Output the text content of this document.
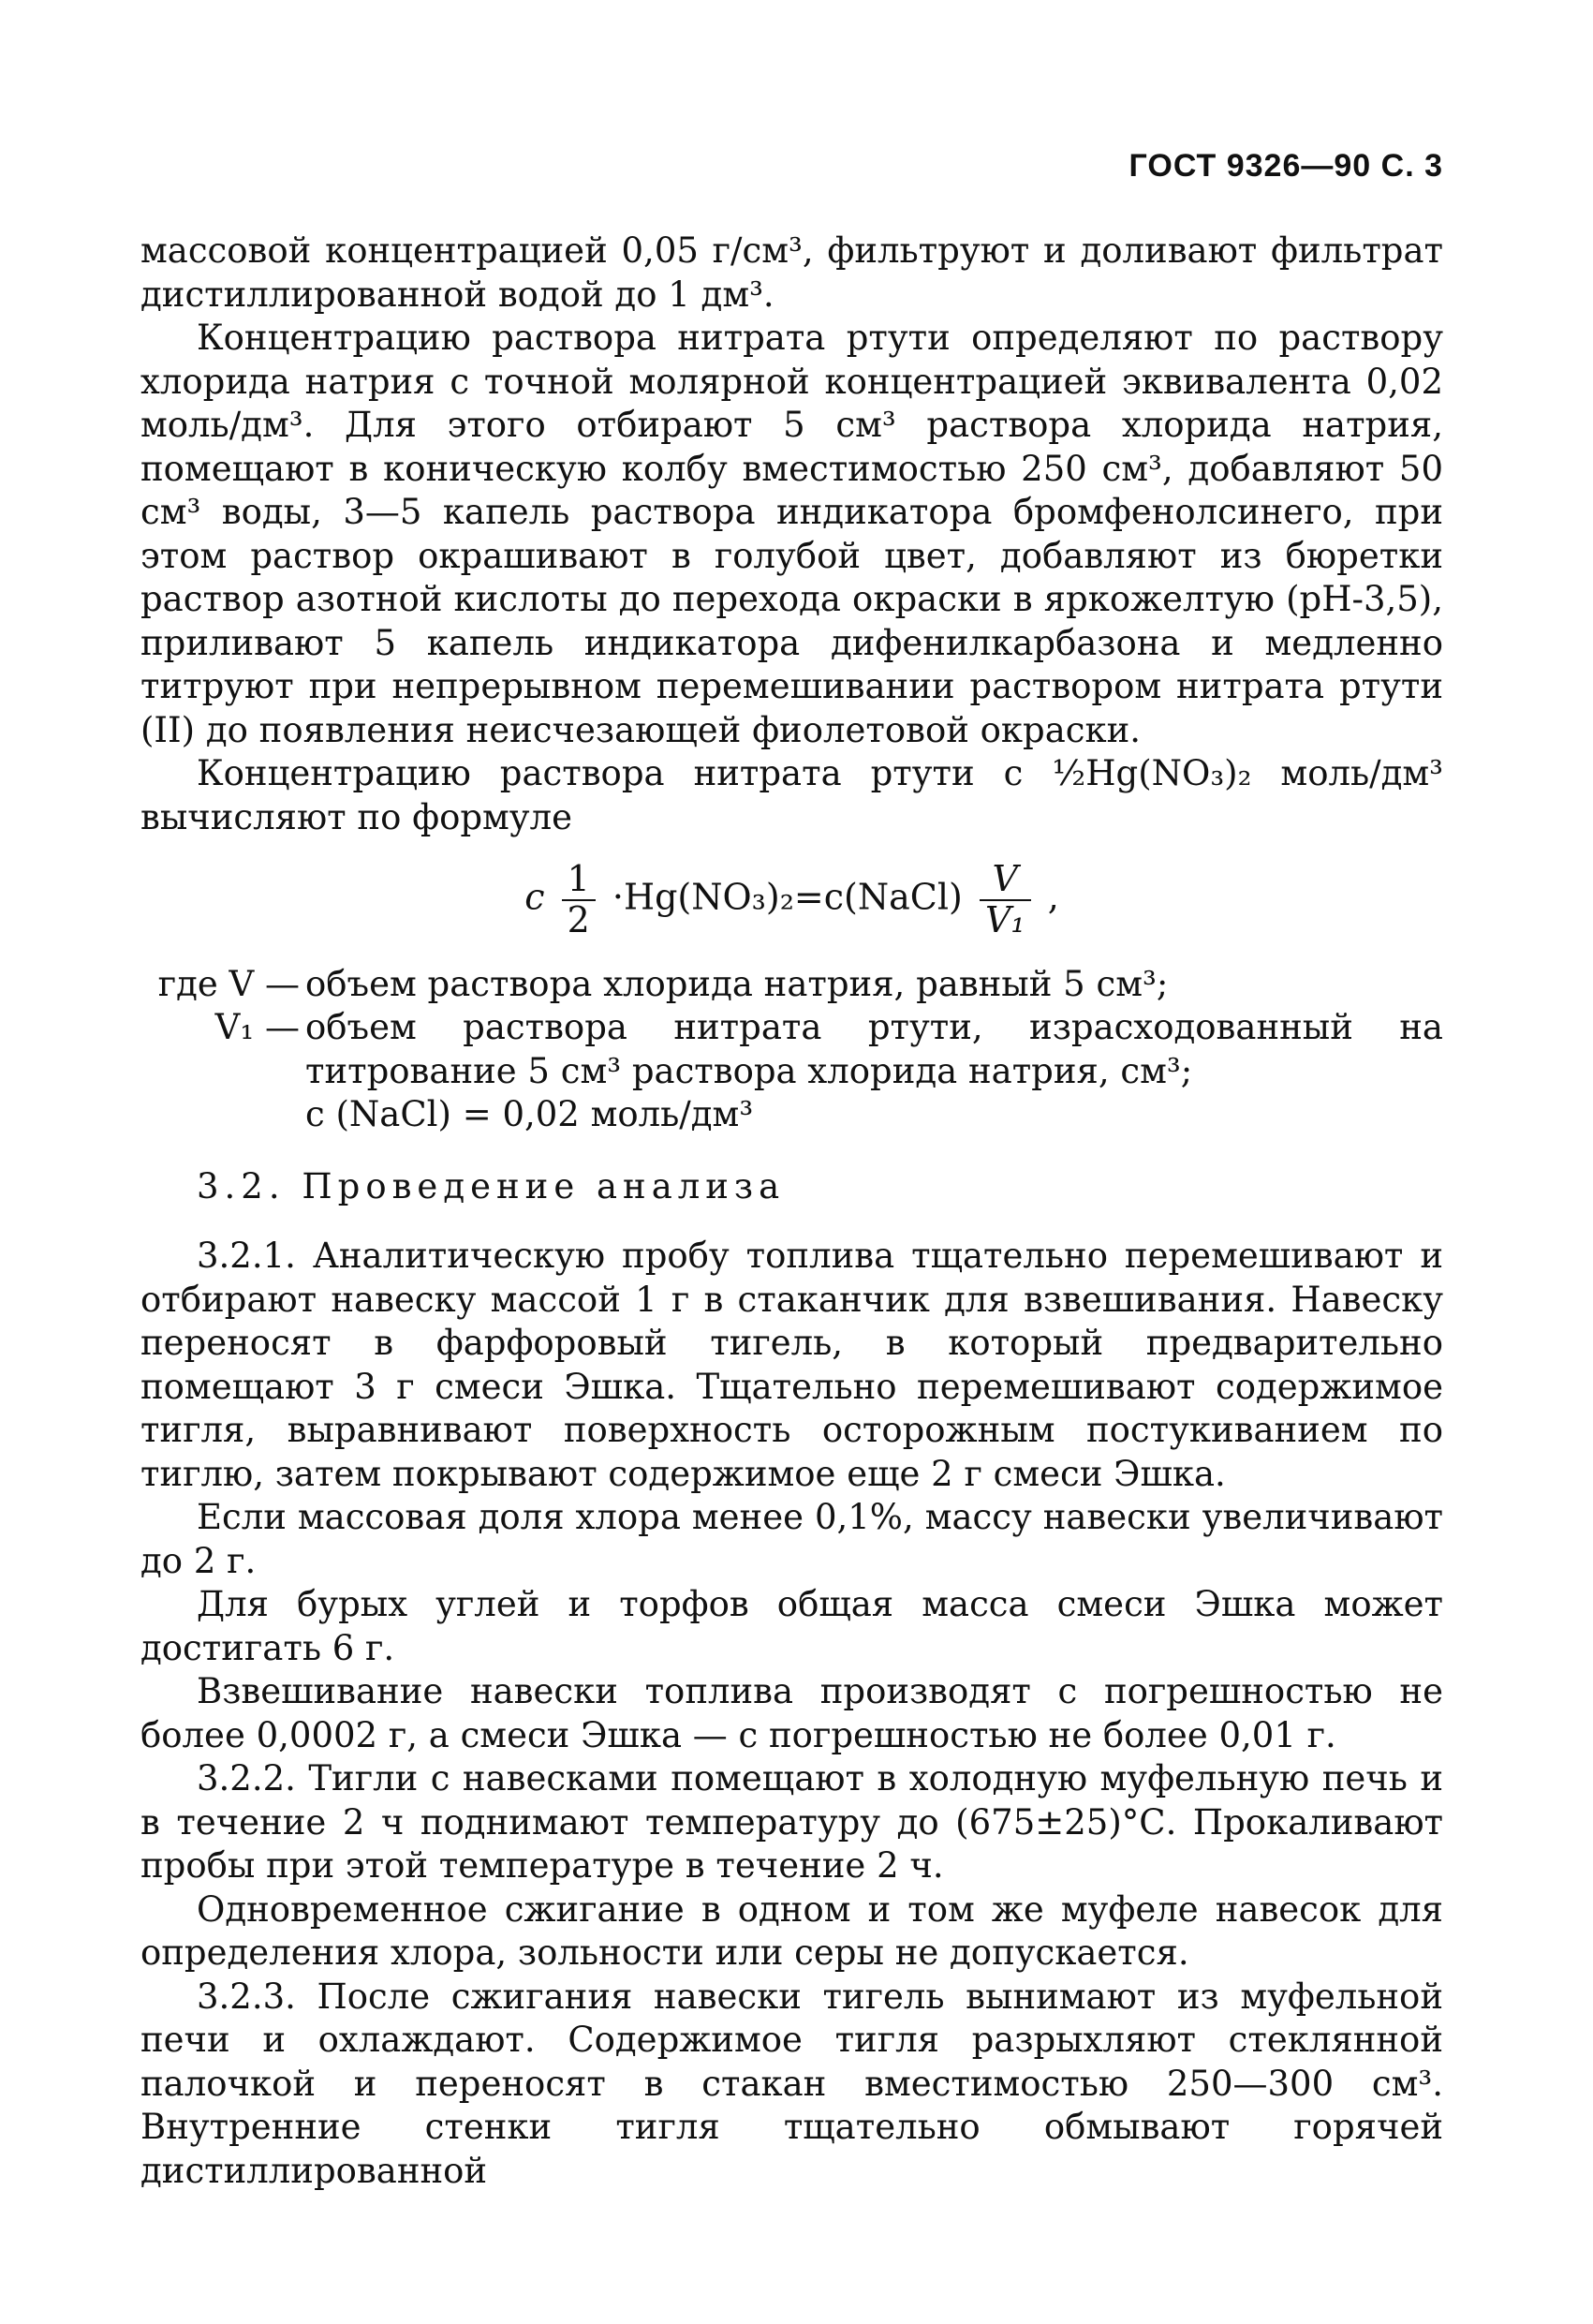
ГОСТ 9326—90 С. 3

массовой концентрацией 0,05 г/см³, фильтруют и доливают фильтрат дистиллированной водой до 1 дм³.

Концентрацию раствора нитрата ртути определяют по раствору хлорида натрия с точной молярной концентрацией эквивалента 0,02 моль/дм³. Для этого отбирают 5 см³ раствора хлорида натрия, помещают в коническую колбу вместимостью 250 см³, добавляют 50 см³ воды, 3—5 капель раствора индикатора бромфенолсинего, при этом раствор окрашивают в голубой цвет, добавляют из бюретки раствор азотной кислоты до перехода окраски в яркожелтую (рН-3,5), приливают 5 капель индикатора дифенилкарбазона и медленно титруют при непрерывном перемешивании раствором нитрата ртути (II) до появления неисчезающей фиолетовой окраски.

Концентрацию раствора нитрата ртути c ½Hg(NO₃)₂ моль/дм³ вычисляют по формуле

c $\frac{1}{2}$ ·Hg(NO₃)₂=c(NaCl) $\frac{V}{\text{V₁}}$ ,
где V — объем раствора хлорида натрия, равный 5 см³;
V₁ — объем раствора нитрата ртути, израсходованный на титрование 5 см³ раствора хлорида натрия, см³;
c (NaCl) = 0,02 моль/дм³
3.2. Проведение анализа

3.2.1. Аналитическую пробу топлива тщательно перемешивают и отбирают навеску массой 1 г в стаканчик для взвешивания. Навеску переносят в фарфоровый тигель, в который предварительно помещают 3 г смеси Эшка. Тщательно перемешивают содержимое тигля, выравнивают поверхность осторожным постукиванием по тиглю, затем покрывают содержимое еще 2 г смеси Эшка.

Если массовая доля хлора менее 0,1%, массу навески увеличивают до 2 г.

Для бурых углей и торфов общая масса смеси Эшка может достигать 6 г.

Взвешивание навески топлива производят с погрешностью не более 0,0002 г, а смеси Эшка — с погрешностью не более 0,01 г.

3.2.2. Тигли с навесками помещают в холодную муфельную печь и в течение 2 ч поднимают температуру до (675±25)°С. Прокаливают пробы при этой температуре в течение 2 ч.

Одновременное сжигание в одном и том же муфеле навесок для определения хлора, зольности или серы не допускается.

3.2.3. После сжигания навески тигель вынимают из муфельной печи и охлаждают. Содержимое тигля разрыхляют стеклянной палочкой и переносят в стакан вместимостью 250—300 см³. Внутренние стенки тигля тщательно обмывают горячей дистиллированной
